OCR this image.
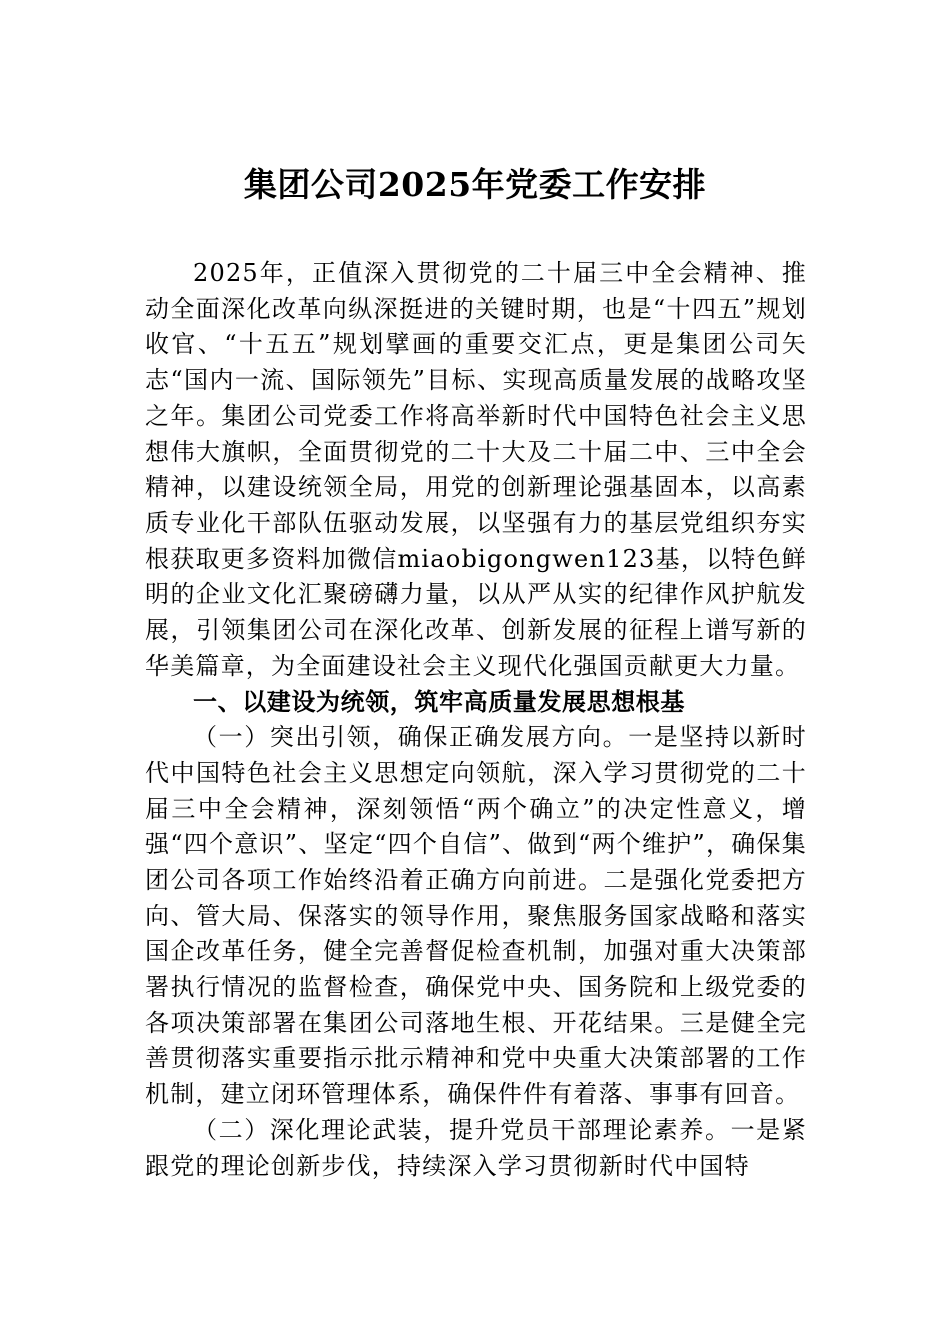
集团公司2025年党委工作安排

2025年，正值深入贯彻党的二十届三中全会精神、推动全面深化改革向纵深挺进的关键时期，也是“十四五”规划收官、“十五五”规划擘画的重要交汇点，更是集团公司矢志“国内一流、国际领先”目标、实现高质量发展的战略攻坚之年。集团公司党委工作将高举新时代中国特色社会主义思想伟大旗帜，全面贯彻党的二十大及二十届二中、三中全会精神，以建设统领全局，用党的创新理论强基固本，以高素质专业化干部队伍驱动发展，以坚强有力的基层党组织夯实根获取更多资料加微信miaobigongwen123基，以特色鲜明的企业文化汇聚磅礴力量，以从严从实的纪律作风护航发展，引领集团公司在深化改革、创新发展的征程上谱写新的华美篇章，为全面建设社会主义现代化强国贡献更大力量。

一、以建设为统领，筑牢高质量发展思想根基

（一）突出引领，确保正确发展方向。一是坚持以新时代中国特色社会主义思想定向领航，深入学习贯彻党的二十届三中全会精神，深刻领悟“两个确立”的决定性意义，增强“四个意识”、坚定“四个自信”、做到“两个维护”，确保集团公司各项工作始终沿着正确方向前进。二是强化党委把方向、管大局、保落实的领导作用，聚焦服务国家战略和落实国企改革任务，健全完善督促检查机制，加强对重大决策部署执行情况的监督检查，确保党中央、国务院和上级党委的各项决策部署在集团公司落地生根、开花结果。三是健全完善贯彻落实重要指示批示精神和党中央重大决策部署的工作机制，建立闭环管理体系，确保件件有着落、事事有回音。

（二）深化理论武装，提升党员干部理论素养。一是紧跟党的理论创新步伐，持续深入学习贯彻新时代中国特
